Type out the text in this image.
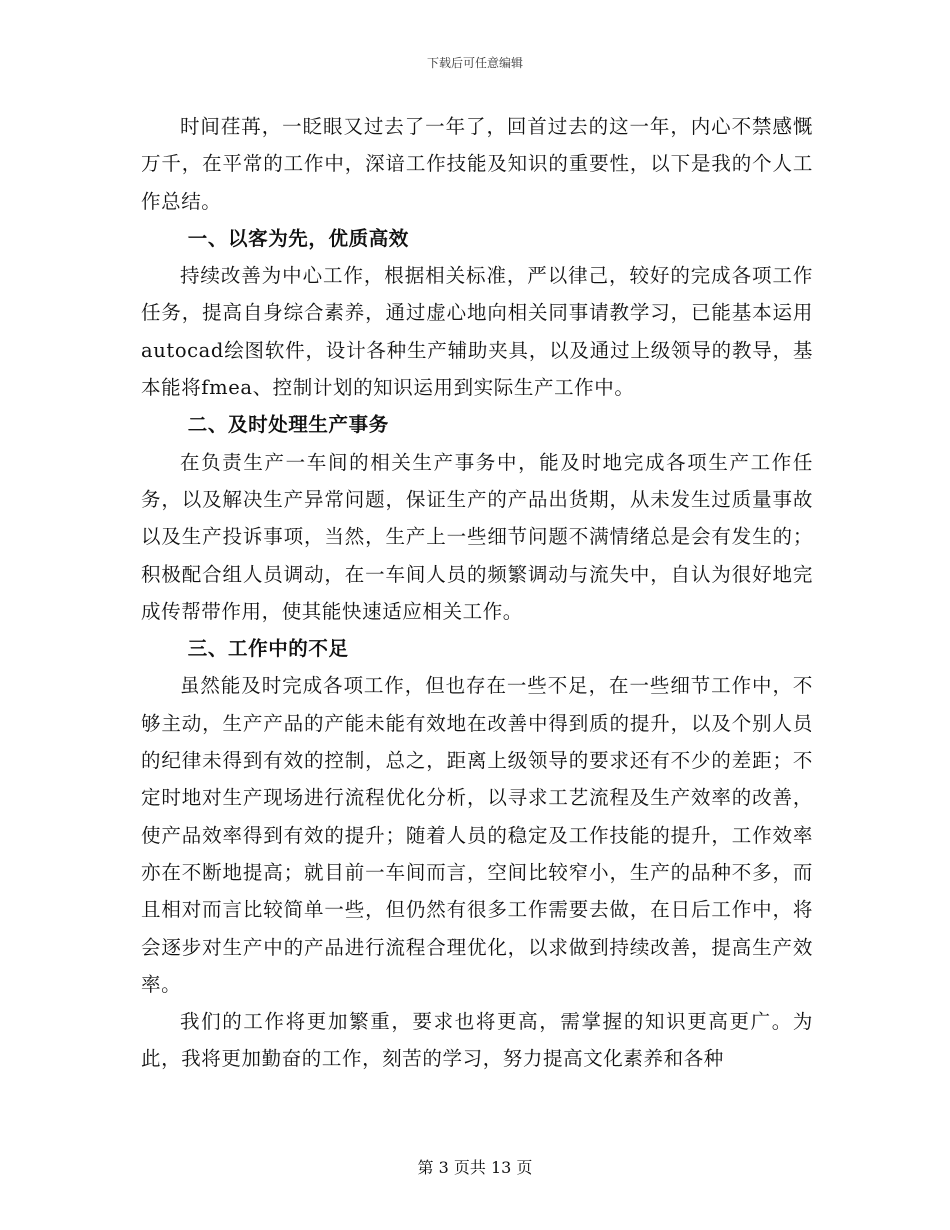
下载后可任意编辑

时间荏苒，一眨眼又过去了一年了，回首过去的这一年，内心不禁感慨万千，在平常的工作中，深谙工作技能及知识的重要性，以下是我的个人工作总结。

一、以客为先，优质高效

持续改善为中心工作，根据相关标准，严以律己，较好的完成各项工作任务，提高自身综合素养，通过虚心地向相关同事请教学习，已能基本运用autocad绘图软件，设计各种生产辅助夹具，以及通过上级领导的教导，基本能将fmea、控制计划的知识运用到实际生产工作中。

二、及时处理生产事务

在负责生产一车间的相关生产事务中，能及时地完成各项生产工作任务，以及解决生产异常问题，保证生产的产品出货期，从未发生过质量事故以及生产投诉事项，当然，生产上一些细节问题不满情绪总是会有发生的；积极配合组人员调动，在一车间人员的频繁调动与流失中，自认为很好地完成传帮带作用，使其能快速适应相关工作。

三、工作中的不足

虽然能及时完成各项工作，但也存在一些不足，在一些细节工作中，不够主动，生产产品的产能未能有效地在改善中得到质的提升，以及个别人员的纪律未得到有效的控制，总之，距离上级领导的要求还有不少的差距；不定时地对生产现场进行流程优化分析，以寻求工艺流程及生产效率的改善，使产品效率得到有效的提升；随着人员的稳定及工作技能的提升，工作效率亦在不断地提高；就目前一车间而言，空间比较窄小，生产的品种不多，而且相对而言比较简单一些，但仍然有很多工作需要去做，在日后工作中，将会逐步对生产中的产品进行流程合理优化，以求做到持续改善，提高生产效率。

我们的工作将更加繁重，要求也将更高，需掌握的知识更高更广。为此，我将更加勤奋的工作，刻苦的学习，努力提高文化素养和各种

第 3 页共 13 页
